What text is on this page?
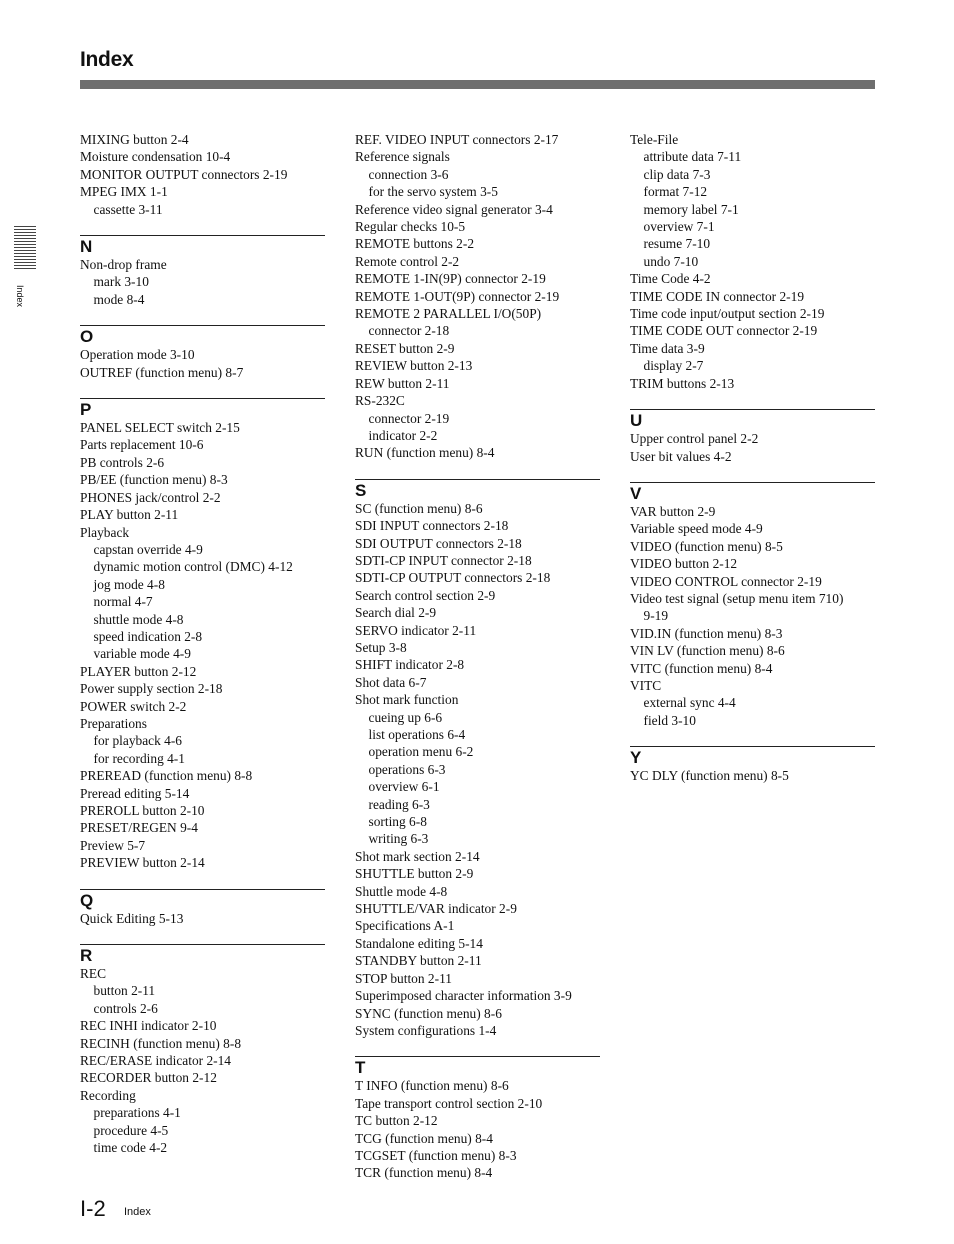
Index
Index
MIXING button 2-4
Moisture condensation 10-4
MONITOR OUTPUT connectors 2-19
MPEG IMX 1-1
cassette 3-11
N
Non-drop frame
mark 3-10
mode 8-4
O
Operation mode 3-10
OUTREF (function menu) 8-7
P
PANEL SELECT switch 2-15
Parts replacement 10-6
PB controls 2-6
PB/EE (function menu) 8-3
PHONES jack/control 2-2
PLAY button 2-11
Playback
capstan override 4-9
dynamic motion control (DMC) 4-12
jog mode 4-8
normal 4-7
shuttle mode 4-8
speed indication 2-8
variable mode 4-9
PLAYER button 2-12
Power supply section 2-18
POWER switch 2-2
Preparations
for playback 4-6
for recording 4-1
PREREAD (function menu) 8-8
Preread editing 5-14
PREROLL button 2-10
PRESET/REGEN 9-4
Preview 5-7
PREVIEW button 2-14
Q
Quick Editing 5-13
R
REC
button 2-11
controls 2-6
REC INHI indicator 2-10
RECINH (function menu) 8-8
REC/ERASE indicator 2-14
RECORDER button 2-12
Recording
preparations 4-1
procedure 4-5
time code 4-2
REF. VIDEO INPUT connectors 2-17
Reference signals
connection 3-6
for the servo system 3-5
Reference video signal generator 3-4
Regular checks 10-5
REMOTE buttons 2-2
Remote control 2-2
REMOTE 1-IN(9P) connector 2-19
REMOTE 1-OUT(9P) connector 2-19
REMOTE 2 PARALLEL I/O(50P)
connector 2-18
RESET button 2-9
REVIEW button 2-13
REW button 2-11
RS-232C
connector 2-19
indicator 2-2
RUN (function menu) 8-4
S
SC (function menu) 8-6
SDI INPUT connectors 2-18
SDI OUTPUT connectors 2-18
SDTI-CP INPUT connector 2-18
SDTI-CP OUTPUT connectors 2-18
Search control section 2-9
Search dial 2-9
SERVO indicator 2-11
Setup 3-8
SHIFT indicator 2-8
Shot data 6-7
Shot mark function
cueing up 6-6
list operations 6-4
operation menu 6-2
operations 6-3
overview 6-1
reading 6-3
sorting 6-8
writing 6-3
Shot mark section 2-14
SHUTTLE button 2-9
Shuttle mode 4-8
SHUTTLE/VAR indicator 2-9
Specifications A-1
Standalone editing 5-14
STANDBY button 2-11
STOP button 2-11
Superimposed character information 3-9
SYNC (function menu) 8-6
System configurations 1-4
T
T INFO (function menu) 8-6
Tape transport control section 2-10
TC button 2-12
TCG (function menu) 8-4
TCGSET (function menu) 8-3
TCR (function menu) 8-4
Tele-File
attribute data 7-11
clip data 7-3
format 7-12
memory label 7-1
overview 7-1
resume 7-10
undo 7-10
Time Code 4-2
TIME CODE IN connector 2-19
Time code input/output section 2-19
TIME CODE OUT connector 2-19
Time data 3-9
display 2-7
TRIM buttons 2-13
U
Upper control panel 2-2
User bit values 4-2
V
VAR button 2-9
Variable speed mode 4-9
VIDEO (function menu) 8-5
VIDEO button 2-12
VIDEO CONTROL connector 2-19
Video test signal (setup menu item 710)
9-19
VID.IN (function menu) 8-3
VIN LV (function menu) 8-6
VITC (function menu) 8-4
VITC
external sync 4-4
field 3-10
Y
YC DLY (function menu) 8-5
I-2 Index
